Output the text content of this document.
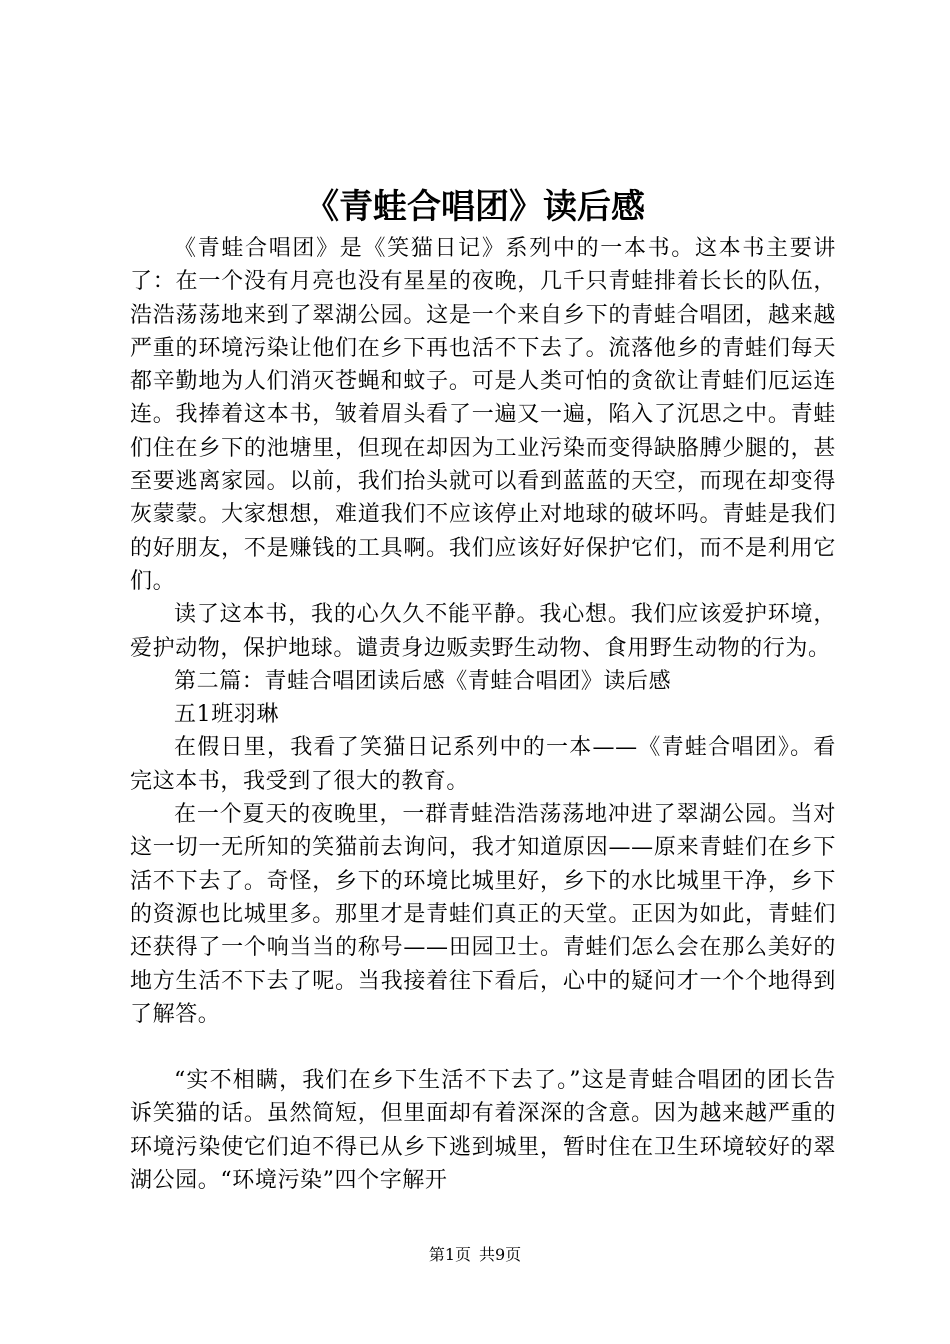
《青蛙合唱团》读后感

《青蛙合唱团》是《笑猫日记》系列中的一本书。这本书主要讲了：在一个没有月亮也没有星星的夜晚，几千只青蛙排着长长的队伍，浩浩荡荡地来到了翠湖公园。这是一个来自乡下的青蛙合唱团，越来越严重的环境污染让他们在乡下再也活不下去了。流落他乡的青蛙们每天都辛勤地为人们消灭苍蝇和蚊子。可是人类可怕的贪欲让青蛙们厄运连连。我捧着这本书，皱着眉头看了一遍又一遍，陷入了沉思之中。青蛙们住在乡下的池塘里，但现在却因为工业污染而变得缺胳膊少腿的，甚至要逃离家园。以前，我们抬头就可以看到蓝蓝的天空，而现在却变得灰蒙蒙。大家想想，难道我们不应该停止对地球的破坏吗。青蛙是我们的好朋友，不是赚钱的工具啊。我们应该好好保护它们，而不是利用它们。

读了这本书，我的心久久不能平静。我心想。我们应该爱护环境，爱护动物，保护地球。谴责身边贩卖野生动物、食用野生动物的行为。

第二篇：青蛙合唱团读后感《青蛙合唱团》读后感

五1班羽琳

在假日里，我看了笑猫日记系列中的一本——《青蛙合唱团》。看完这本书，我受到了很大的教育。

在一个夏天的夜晚里，一群青蛙浩浩荡荡地冲进了翠湖公园。当对这一切一无所知的笑猫前去询问，我才知道原因——原来青蛙们在乡下活不下去了。奇怪，乡下的环境比城里好，乡下的水比城里干净，乡下的资源也比城里多。那里才是青蛙们真正的天堂。正因为如此，青蛙们还获得了一个响当当的称号——田园卫士。青蛙们怎么会在那么美好的地方生活不下去了呢。当我接着往下看后，心中的疑问才一个个地得到了解答。

“实不相瞒，我们在乡下生活不下去了。”这是青蛙合唱团的团长告诉笑猫的话。虽然简短，但里面却有着深深的含意。因为越来越严重的环境污染使它们迫不得已从乡下逃到城里，暂时住在卫生环境较好的翠湖公园。“环境污染”四个字解开

第1页 共9页
